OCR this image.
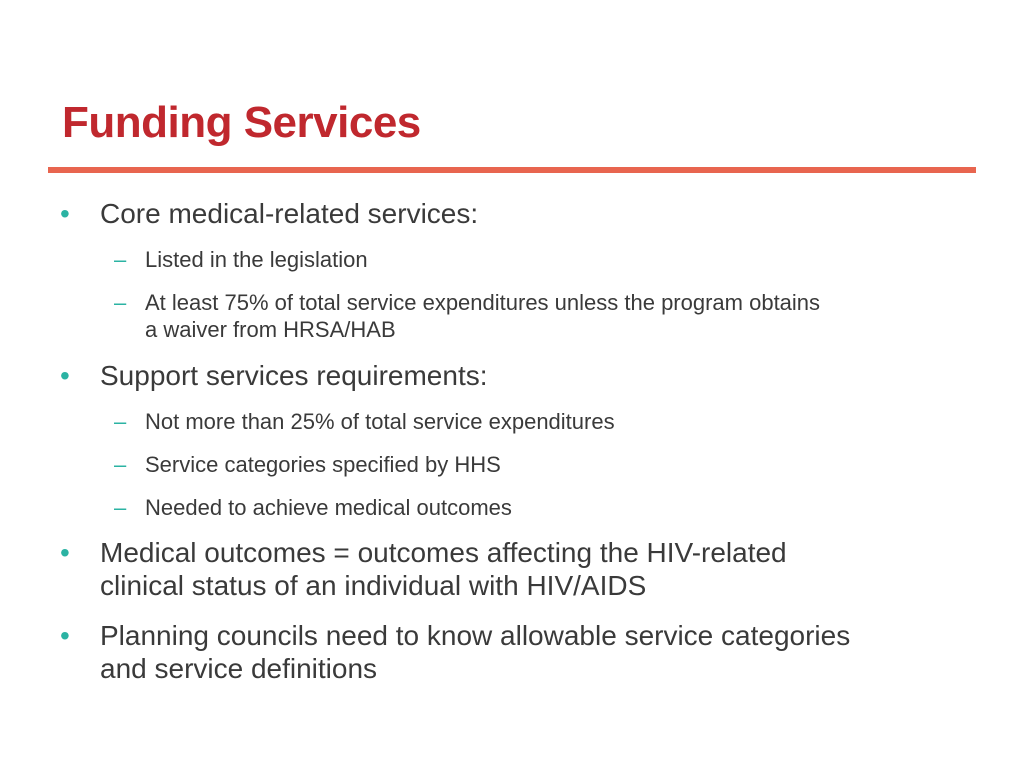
Funding Services
• Core medical-related services:
– Listed in the legislation
– At least 75% of total service expenditures unless the program obtains
a waiver from HRSA/HAB
• Support services requirements:
– Not more than 25% of total service expenditures
– Service categories specified by HHS
– Needed to achieve medical outcomes
• Medical outcomes = outcomes affecting the HIV-related
clinical status of an individual with HIV/AIDS
• Planning councils need to know allowable service categories
and service definitions
